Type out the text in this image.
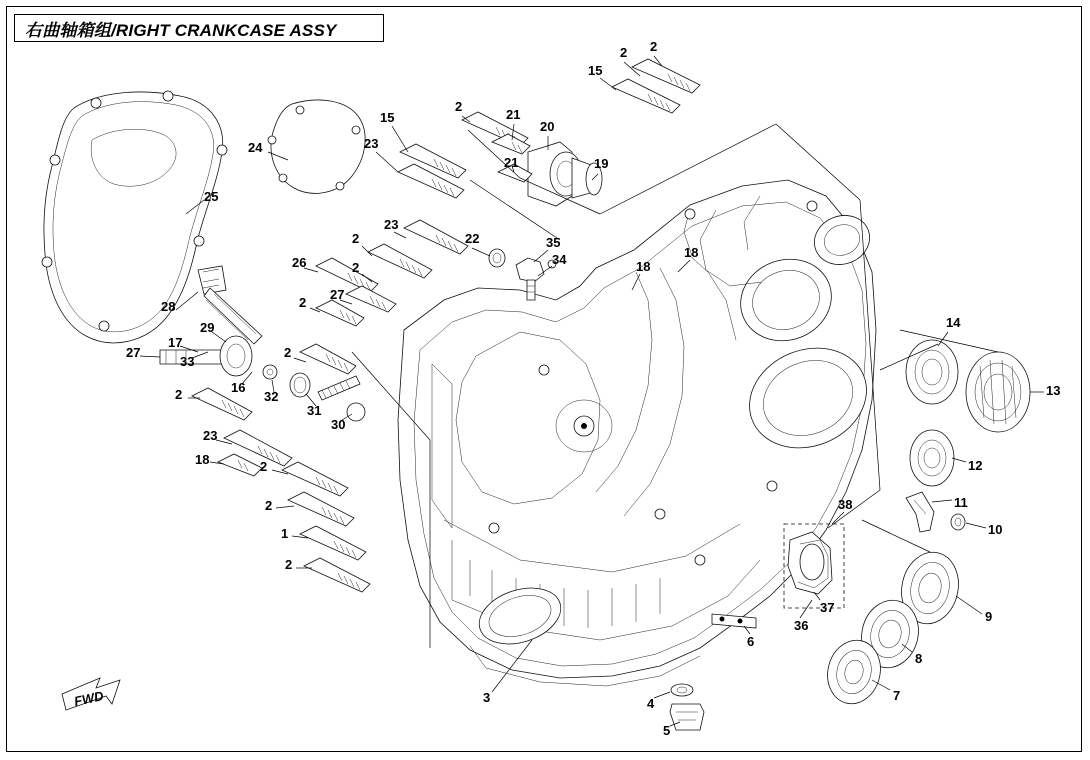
右曲轴箱组/RIGHT CRANKCASE ASSY
FWD
2 2
15
15
2
21
20
23
21	19
24
25
23
2	22	35
34	18
18
26	2
27
2
28
29
17
27
33
2
16
32
31
30
2
23
18	2
2
1
2
14
13
12
11
10
38
37
36
9
8
7
6
3	4
5
